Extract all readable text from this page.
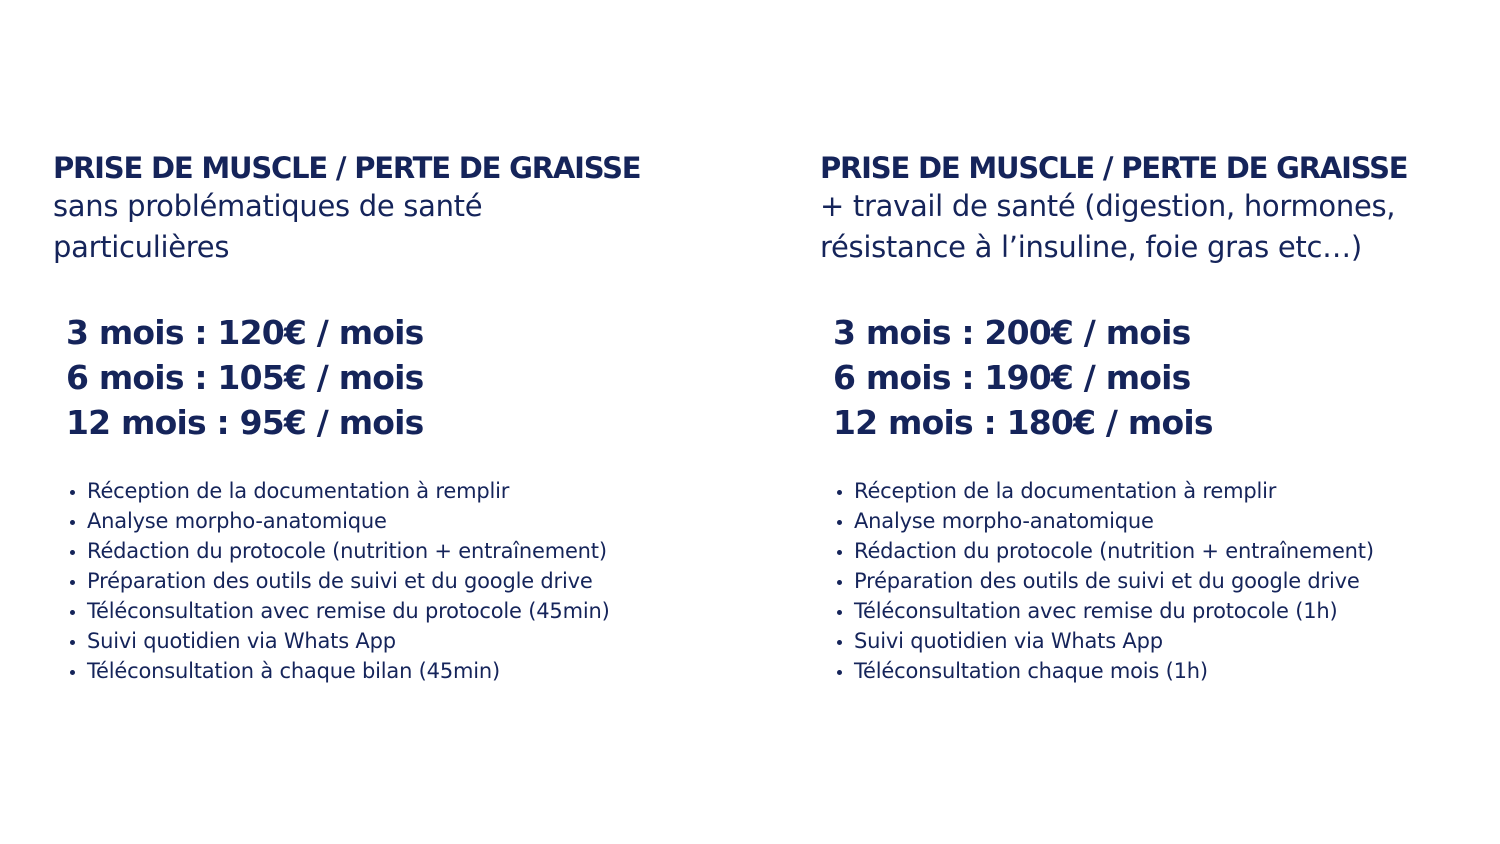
PRISE DE MUSCLE / PERTE DE GRAISSE

sans problématiques de santé
particulières

3 mois : 120€ / mois
6 mois : 105€ / mois
12 mois : 95€ / mois
• Réception de la documentation à remplir
• Analyse morpho-anatomique
• Rédaction du protocole (nutrition + entraînement)
• Préparation des outils de suivi et du google drive
• Téléconsultation avec remise du protocole (45min)
• Suivi quotidien via Whats App
• Téléconsultation à chaque bilan (45min)
PRISE DE MUSCLE / PERTE DE GRAISSE

+ travail de santé (digestion, hormones,
résistance à l’insuline, foie gras etc…)

3 mois : 200€ / mois
6 mois : 190€ / mois
12 mois : 180€ / mois
• Réception de la documentation à remplir
• Analyse morpho-anatomique
• Rédaction du protocole (nutrition + entraînement)
• Préparation des outils de suivi et du google drive
• Téléconsultation avec remise du protocole (1h)
• Suivi quotidien via Whats App
• Téléconsultation chaque mois (1h)
